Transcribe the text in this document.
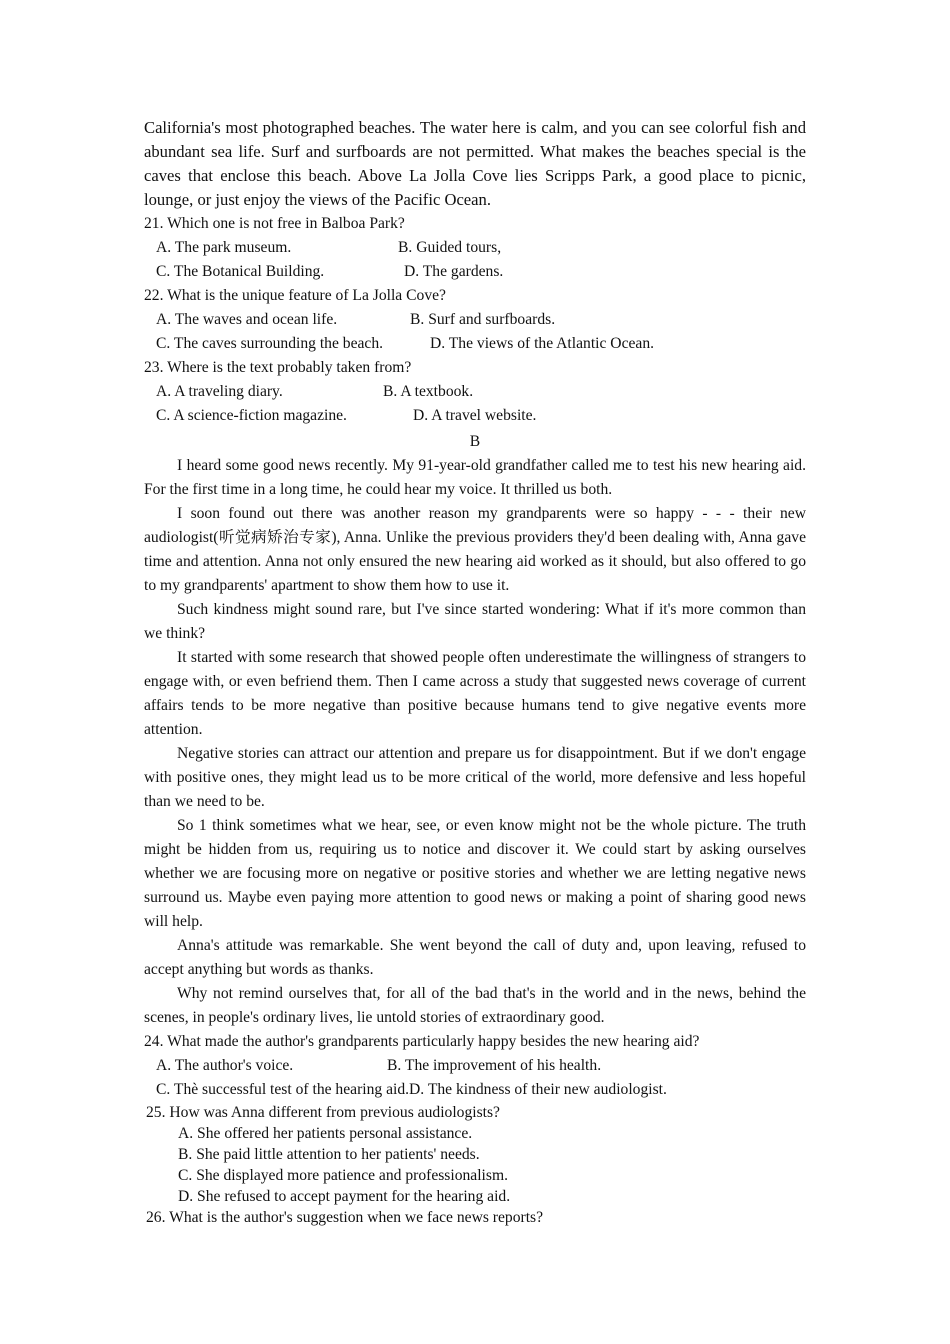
California's most photographed beaches. The water here is calm, and you can see colorful fish and abundant sea life. Surf and surfboards are not permitted. What makes the beaches special is the caves that enclose this beach. Above La Jolla Cove lies Scripps Park, a good place to picnic, lounge, or just enjoy the views of the Pacific Ocean.

21. Which one is not free in Balboa Park?

A. The park museum.	B. Guided tours,

C. The Botanical Building.	D. The gardens.

22. What is the unique feature of La Jolla Cove?

A. The waves and ocean life.	B. Surf and surfboards.

C. The caves surrounding the beach.	D. The views of the Atlantic Ocean.

23. Where is the text probably taken from?

A. A traveling diary.	B. A textbook.

C. A science-fiction magazine.	D. A travel website.

B

I heard some good news recently. My 91-year-old grandfather called me to test his new hearing aid. For the first time in a long time, he could hear my voice. It thrilled us both.

I soon found out there was another reason my grandparents were so happy - - - their new audiologist(听觉病矫治专家), Anna. Unlike the previous providers they'd been dealing with, Anna gave time and attention. Anna not only ensured the new hearing aid worked as it should, but also offered to go to my grandparents' apartment to show them how to use it.

Such kindness might sound rare, but I've since started wondering: What if it's more common than we think?

It started with some research that showed people often underestimate the willingness of strangers to engage with, or even befriend them. Then I came across a study that suggested news coverage of current affairs tends to be more negative than positive because humans tend to give negative events more attention.

Negative stories can attract our attention and prepare us for disappointment. But if we don't engage with positive ones, they might lead us to be more critical of the world, more defensive and less hopeful than we need to be.

So 1 think sometimes what we hear, see, or even know might not be the whole picture. The truth might be hidden from us, requiring us to notice and discover it. We could start by asking ourselves whether we are focusing more on negative or positive stories and whether we are letting negative news surround us. Maybe even paying more attention to good news or making a point of sharing good news will help.

Anna's attitude was remarkable. She went beyond the call of duty and, upon leaving, refused to accept anything but words as thanks.

Why not remind ourselves that, for all of the bad that's in the world and in the news, behind the scenes, in people's ordinary lives, lie untold stories of extraordinary good.

24. What made the author's grandparents particularly happy besides the new hearing aid?

A. The author's voice.	B. The improvement of his health.

C. Thè successful test of the hearing aid.D. The kindness of their new audiologist.

25. How was Anna different from previous audiologists?

A. She offered her patients personal assistance.

B. She paid little attention to her patients' needs.

C. She displayed more patience and professionalism.

D. She refused to accept payment for the hearing aid.

26. What is the author's suggestion when we face news reports?
